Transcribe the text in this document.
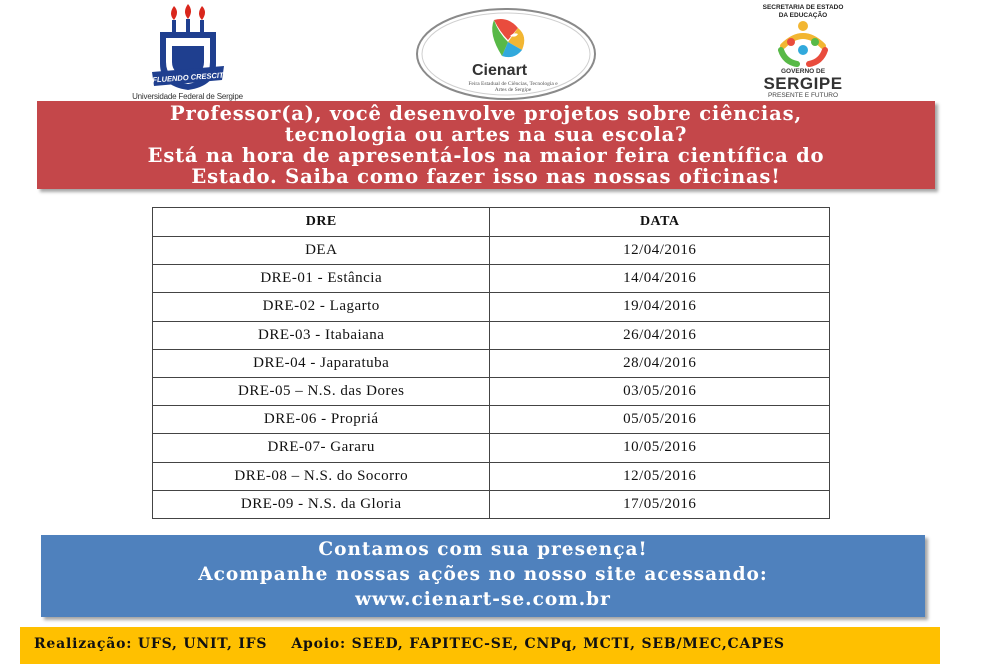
FLUENDO CRESCIT
Universidade Federal de Sergipe
Cienart
Feira Estadual de Ciências, Tecnologia e Artes de Sergipe
SECRETARIA DE ESTADO
DA EDUCAÇÃO
GOVERNO DE
SERGIPE
PRESENTE E FUTURO
Professor(a), você desenvolve projetos sobre ciências,
tecnologia ou artes na sua escola?
Está na hora de apresentá-los na maior feira científica do
Estado. Saiba como fazer isso nas nossas oficinas!
DRE	DATA
DEA	12/04/2016
DRE-01 - Estância	14/04/2016
DRE-02 - Lagarto	19/04/2016
DRE-03 - Itabaiana	26/04/2016
DRE-04 - Japaratuba	28/04/2016
DRE-05 – N.S. das Dores	03/05/2016
DRE-06 - Propriá	05/05/2016
DRE-07- Gararu	10/05/2016
DRE-08 – N.S. do Socorro	12/05/2016
DRE-09 - N.S. da Gloria	17/05/2016
Contamos com sua presença!
Acompanhe nossas ações no nosso site acessando:
www.cienart-se.com.br
Realização: UFS, UNIT, IFS Apoio: SEED, FAPITEC-SE, CNPq, MCTI, SEB/MEC,CAPES
